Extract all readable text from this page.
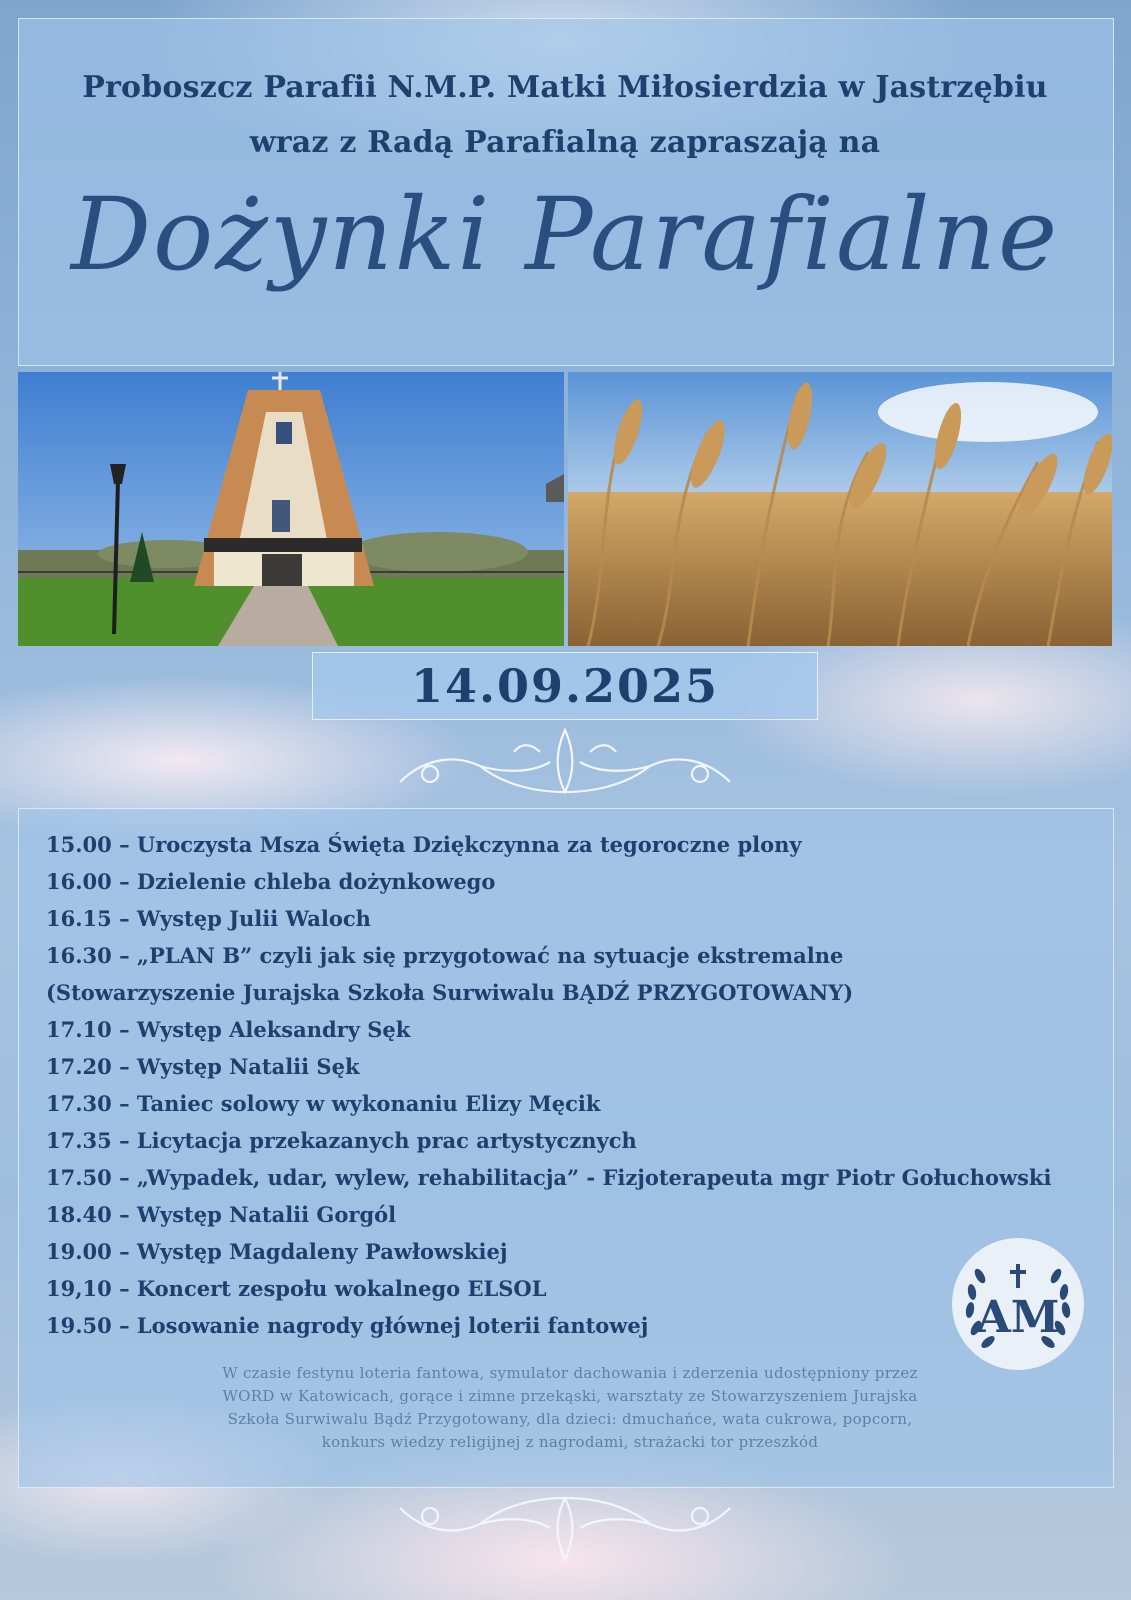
Proboszcz Parafii N.M.P. Matki Miłosierdzia w Jastrzębiu
wraz z Radą Parafialną zapraszają na
Dożynki Parafialne
14.09.2025
15.00 – Uroczysta Msza Święta Dziękczynna za tegoroczne plony
16.00 – Dzielenie chleba dożynkowego
16.15 – Występ Julii Waloch
16.30 – „PLAN B” czyli jak się przygotować na sytuacje ekstremalne
(Stowarzyszenie Jurajska Szkoła Surwiwalu BĄDŹ PRZYGOTOWANY)
17.10 – Występ Aleksandry Sęk
17.20 – Występ Natalii Sęk
17.30 – Taniec solowy w wykonaniu Elizy Męcik
17.35 – Licytacja przekazanych prac artystycznych
17.50 – „Wypadek, udar, wylew, rehabilitacja” - Fizjoterapeuta mgr Piotr Gołuchowski
18.40 – Występ Natalii Gorgól
19.00 – Występ Magdaleny Pawłowskiej
19,10 – Koncert zespołu wokalnego ELSOL
19.50 – Losowanie nagrody głównej loterii fantowej	AM

W czasie festynu loteria fantowa, symulator dachowania i zderzenia udostępniony przez
WORD w Katowicach, gorące i zimne przekąski, warsztaty ze Stowarzyszeniem Jurajska
Szkoła Surwiwalu Bądź Przygotowany, dla dzieci: dmuchańce, wata cukrowa, popcorn,
konkurs wiedzy religijnej z nagrodami, strażacki tor przeszkód
